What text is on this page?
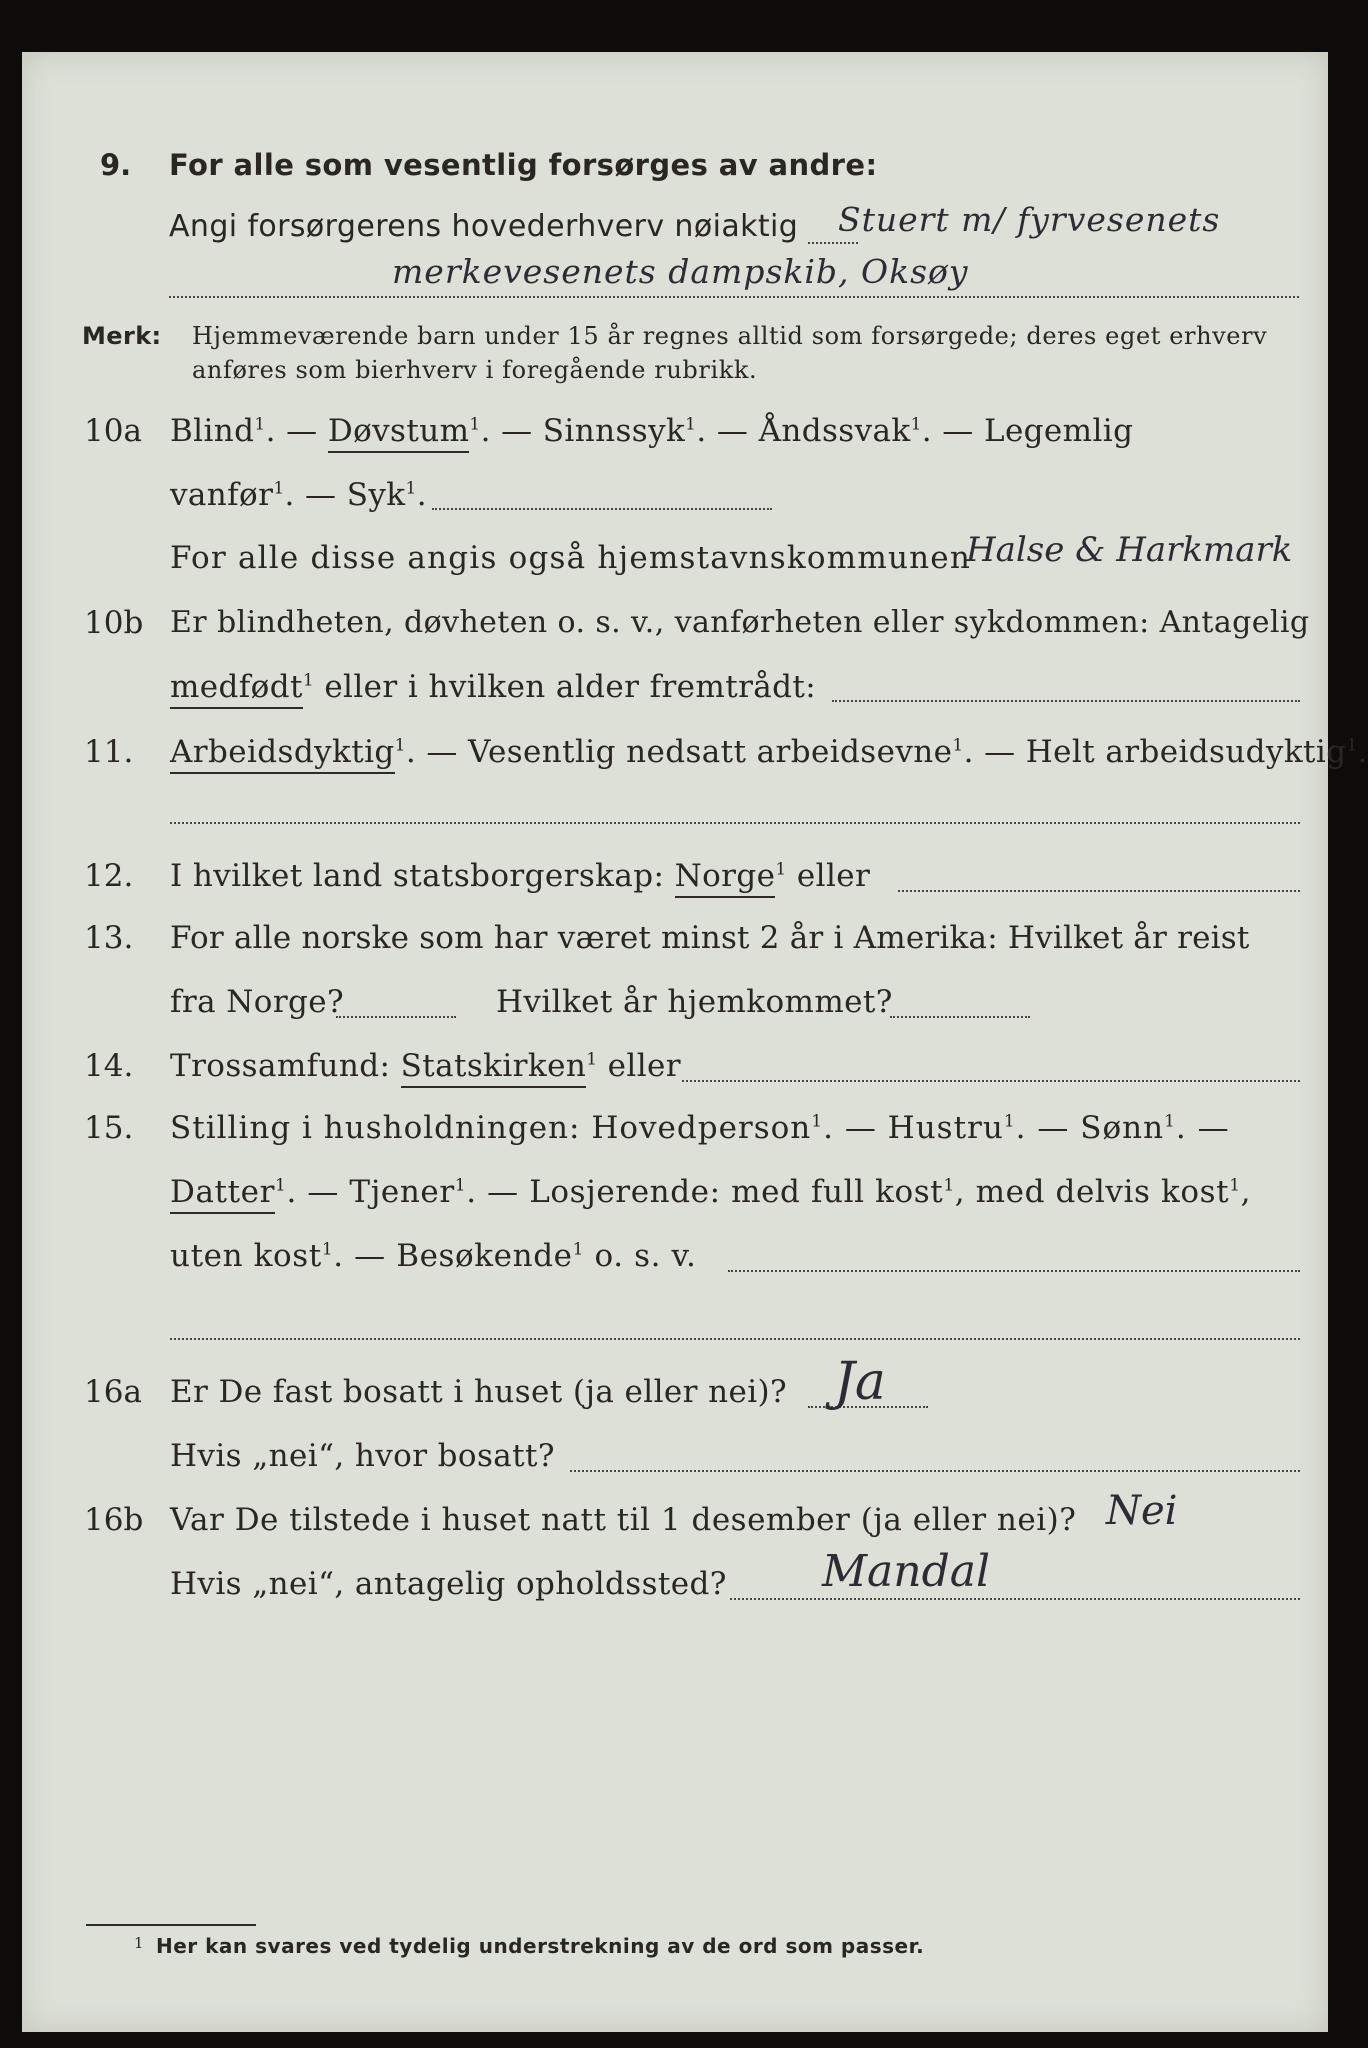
9. For alle som vesentlig forsørges av andre:
Angi forsørgerens hovederhverv nøiaktig Stuert m/ fyrvesenets
merkevesenets dampskib, Oksøy
Merk: Hjemmeværende barn under 15 år regnes alltid som forsørgede; deres eget erhverv
anføres som bierhverv i foregående rubrikk.
10a Blind$^1$. — Døvstum$^1$. — Sinnssyk$^1$. — Åndssvak$^1$. — Legemlig
vanfør$^1$. — Syk$^1$.
For alle disse angis også hjemstavnskommunen
Halse & Harkmark
10b Er blindheten, døvheten o. s. v., vanførheten eller sykdommen: Antagelig
medfødt$^1$ eller i hvilken alder fremtrådt:
11. Arbeidsdyktig$^1$. — Vesentlig nedsatt arbeidsevne$^1$. — Helt arbeidsudyktig$^1$.
12. I hvilket land statsborgerskap: Norge$^1$ eller
13. For alle norske som har været minst 2 år i Amerika: Hvilket år reist
fra Norge?	Hvilket år hjemkommet?
14. Trossamfund: Statskirken$^1$ eller
15. Stilling i husholdningen: Hovedperson$^1$. — Hustru$^1$. — Sønn$^1$. —
Datter$^1$. — Tjener$^1$. — Losjerende: med full kost$^1$, med delvis kost$^1$,
uten kost$^1$. — Besøkende$^1$ o. s. v.
16a Er De fast bosatt i huset (ja eller nei)? Ja
Hvis „nei“, hvor bosatt?
16b Var De tilstede i huset natt til 1 desember (ja eller nei)? Nei
Hvis „nei“, antagelig opholdssted? Mandal
1 Her kan svares ved tydelig understrekning av de ord som passer.
